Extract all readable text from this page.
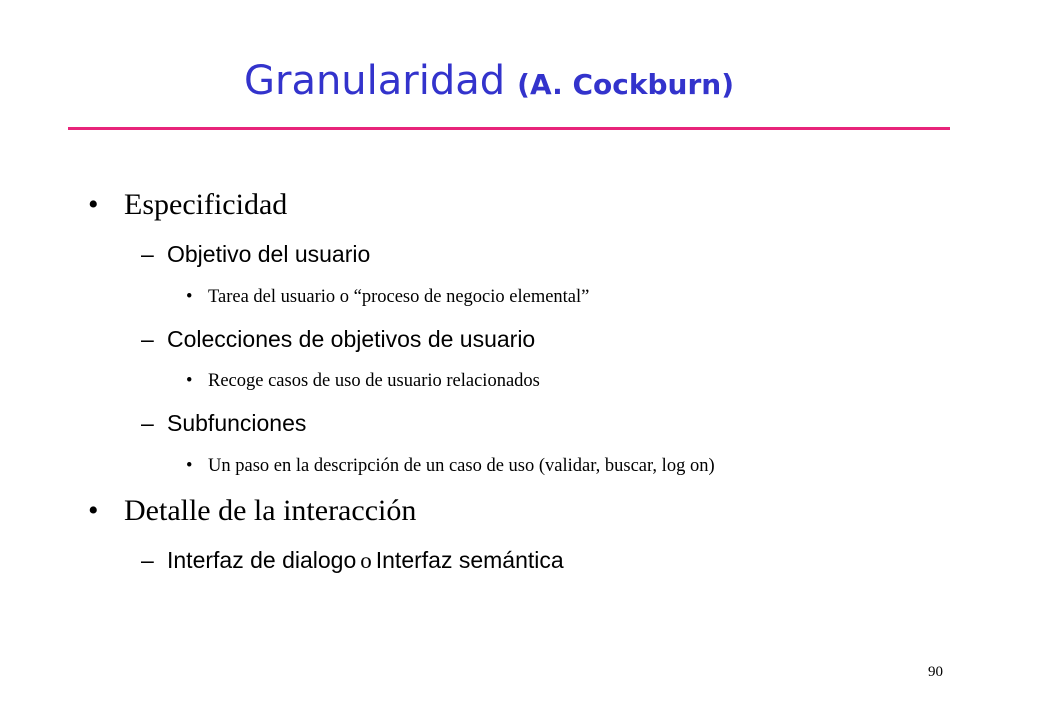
Granularidad (A. Cockburn)
• Especificidad
– Objetivo del usuario
• Tarea del usuario o “proceso de negocio elemental”
– Colecciones de objetivos de usuario
• Recoge casos de uso de usuario relacionados
– Subfunciones
• Un paso en la descripción de un caso de uso (validar, buscar, log on)
• Detalle de la interacción
– Interfaz de dialogo o Interfaz semántica
90
